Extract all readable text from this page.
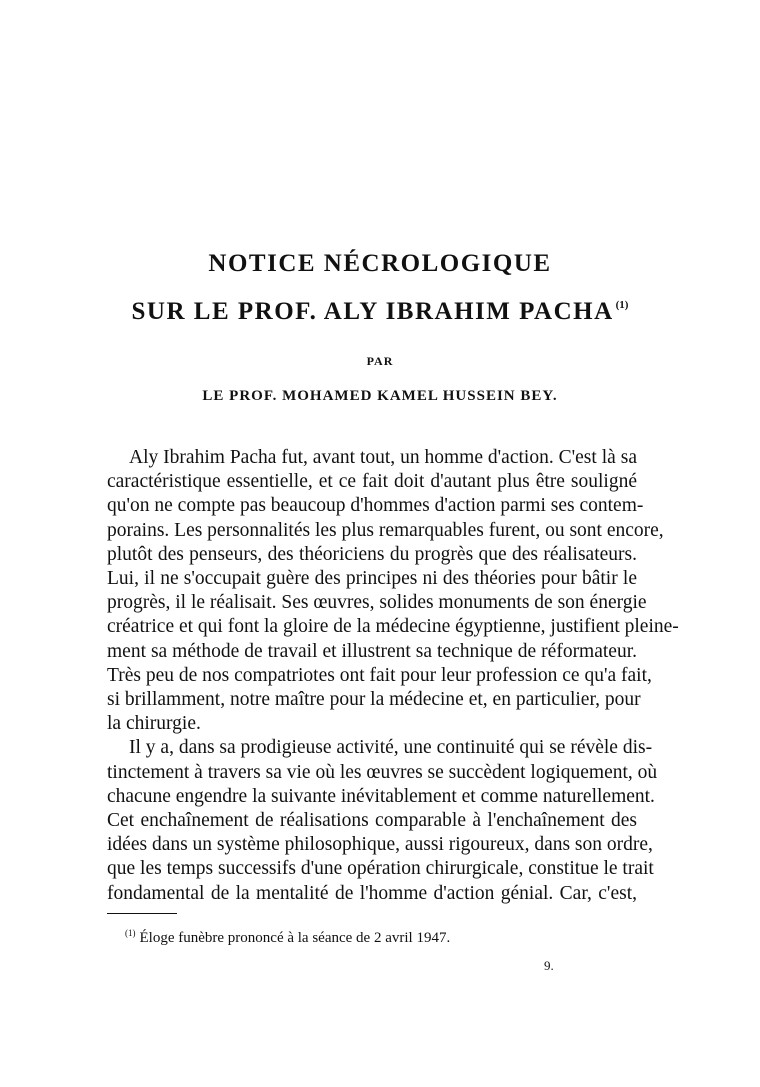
NOTICE NÉCROLOGIQUE
SUR LE PROF. ALY IBRAHIM PACHA $^{(1)}$
PAR
LE PROF. MOHAMED KAMEL HUSSEIN BEY.
Aly Ibrahim Pacha fut, avant tout, un homme d'action. C'est là sa
caractéristique essentielle, et ce fait doit d'autant plus être souligné
qu'on ne compte pas beaucoup d'hommes d'action parmi ses contem-
porains. Les personnalités les plus remarquables furent, ou sont encore,
plutôt des penseurs, des théoriciens du progrès que des réalisateurs.
Lui, il ne s'occupait guère des principes ni des théories pour bâtir le
progrès, il le réalisait. Ses œuvres, solides monuments de son énergie
créatrice et qui font la gloire de la médecine égyptienne, justifient pleine-
ment sa méthode de travail et illustrent sa technique de réformateur.
Très peu de nos compatriotes ont fait pour leur profession ce qu'a fait,
si brillamment, notre maître pour la médecine et, en particulier, pour
la chirurgie.
Il y a, dans sa prodigieuse activité, une continuité qui se révèle dis-
tinctement à travers sa vie où les œuvres se succèdent logiquement, où
chacune engendre la suivante inévitablement et comme naturellement.
Cet enchaînement de réalisations comparable à l'enchaînement des
idées dans un système philosophique, aussi rigoureux, dans son ordre,
que les temps successifs d'une opération chirurgicale, constitue le trait
fondamental de la mentalité de l'homme d'action génial. Car, c'est,
$^{(1)}$ Éloge funèbre prononcé à la séance de 2 avril 1947.
9.
